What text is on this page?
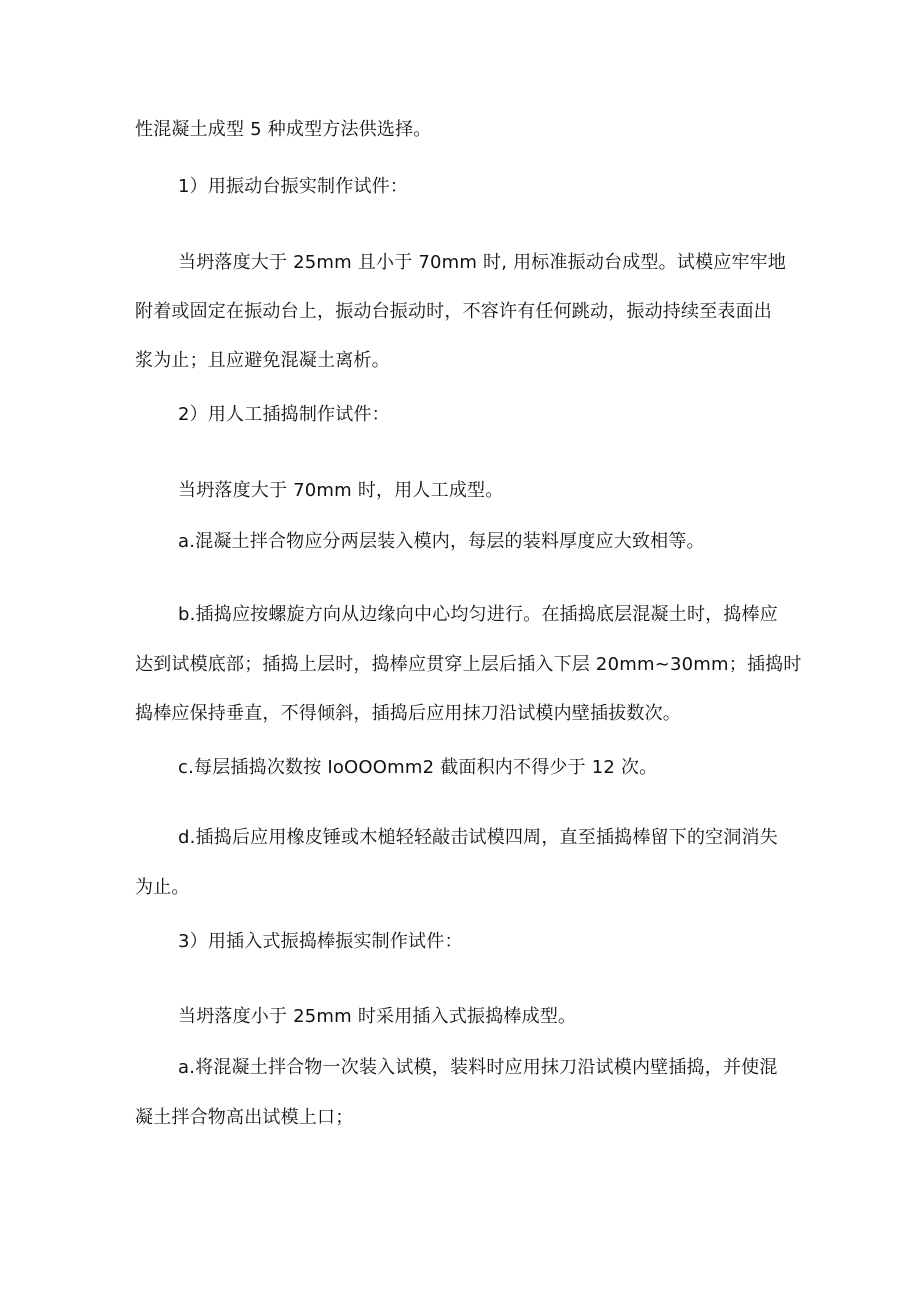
性混凝土成型 5 种成型方法供选择。

1）用振动台振实制作试件：

当坍落度大于 25mm 且小于 70mm 时, 用标准振动台成型。试模应牢牢地

附着或固定在振动台上，振动台振动时，不容许有任何跳动，振动持续至表面出

浆为止；且应避免混凝土离析。

2）用人工插捣制作试件：

当坍落度大于 70mm 时，用人工成型。

a.混凝土拌合物应分两层装入模内，每层的装料厚度应大致相等。

b.插捣应按螺旋方向从边缘向中心均匀进行。在插捣底层混凝土时，捣棒应

达到试模底部；插捣上层时，捣棒应贯穿上层后插入下层 20mm~30mm；插捣时

捣棒应保持垂直，不得倾斜，插捣后应用抹刀沿试模内壁插拔数次。

c.每层插捣次数按 IoOOOmm2 截面积内不得少于 12 次。

d.插捣后应用橡皮锤或木槌轻轻敲击试模四周，直至插捣棒留下的空洞消失

为止。

3）用插入式振捣棒振实制作试件：

当坍落度小于 25mm 时采用插入式振捣棒成型。

a.将混凝土拌合物一次装入试模，装料时应用抹刀沿试模内壁插捣，并使混

凝土拌合物高出试模上口；
